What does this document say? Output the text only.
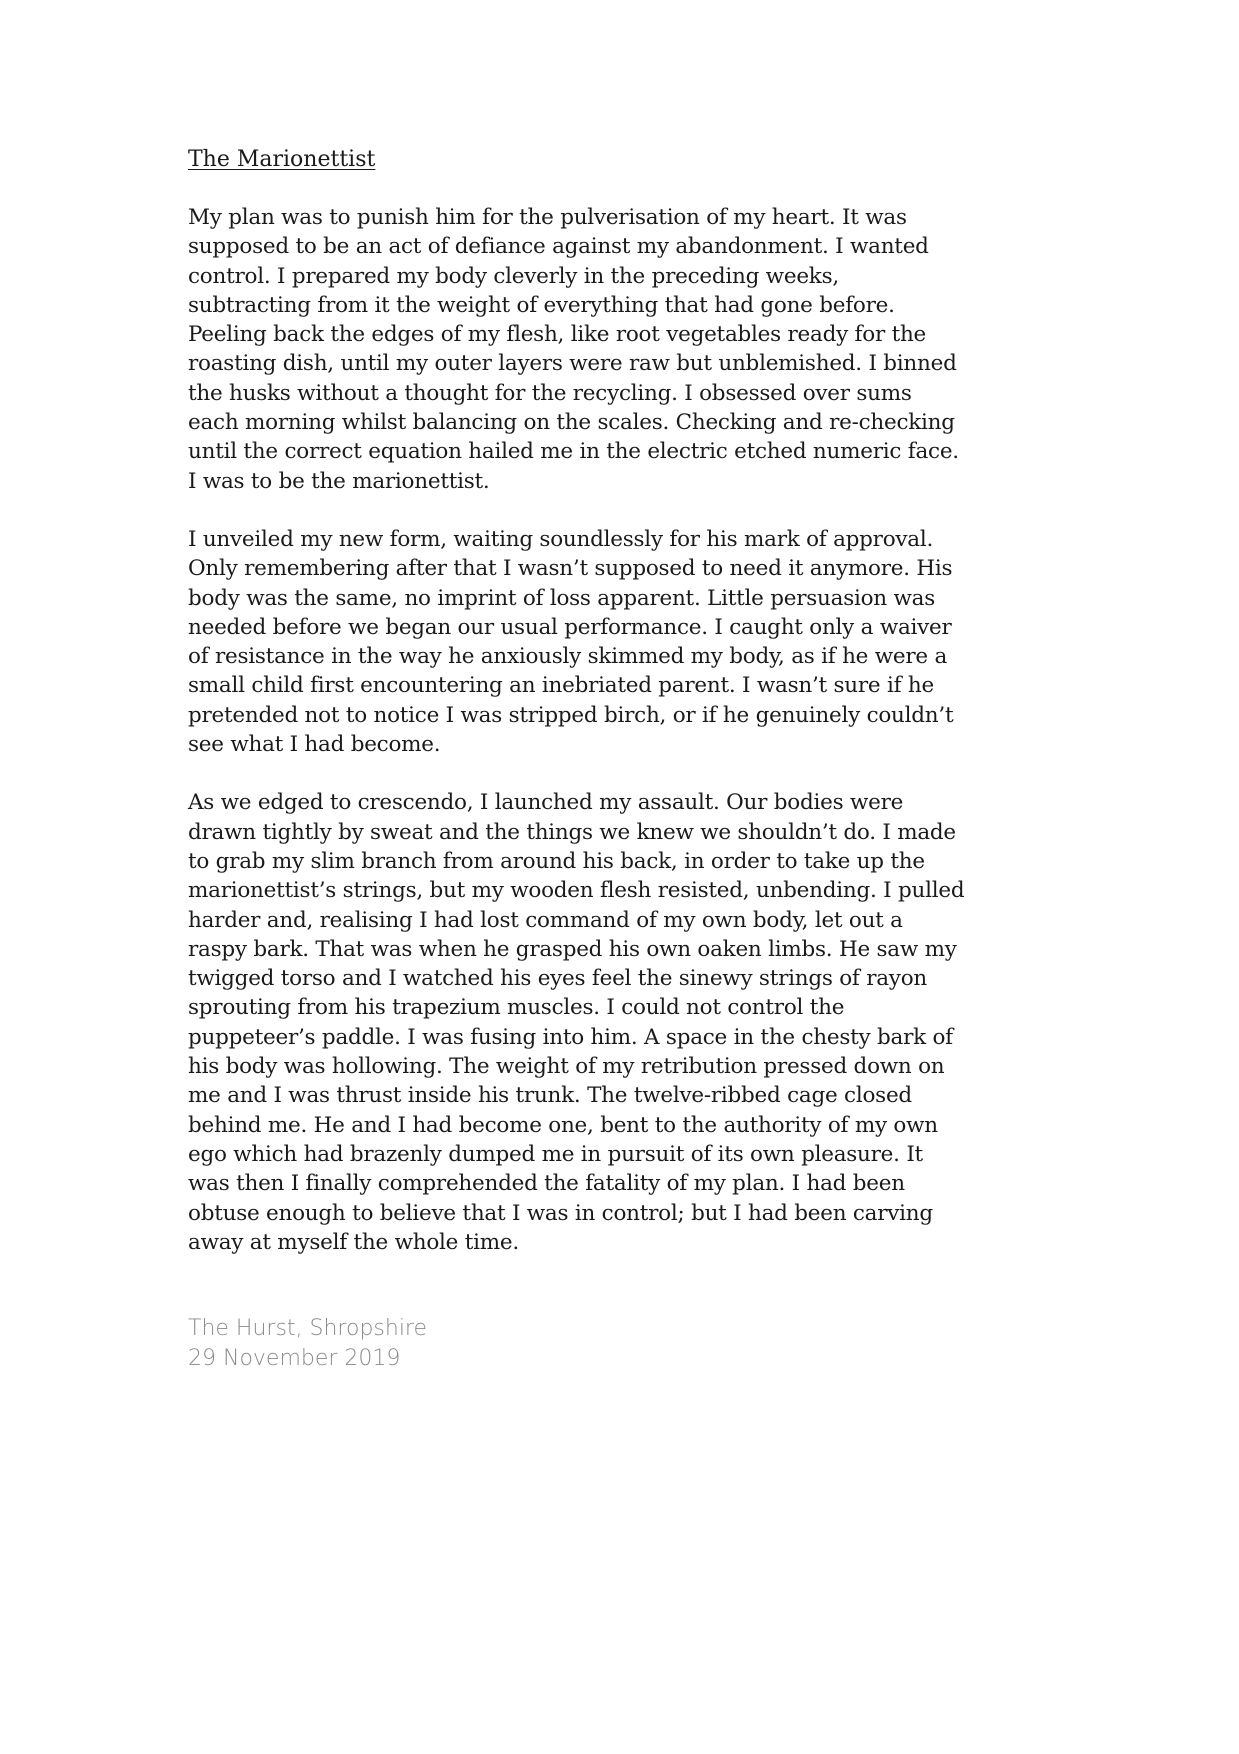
The Marionettist
My plan was to punish him for the pulverisation of my heart. It was
supposed to be an act of defiance against my abandonment. I wanted
control. I prepared my body cleverly in the preceding weeks,
subtracting from it the weight of everything that had gone before.
Peeling back the edges of my flesh, like root vegetables ready for the
roasting dish, until my outer layers were raw but unblemished. I binned
the husks without a thought for the recycling. I obsessed over sums
each morning whilst balancing on the scales. Checking and re-checking
until the correct equation hailed me in the electric etched numeric face.
I was to be the marionettist.
I unveiled my new form, waiting soundlessly for his mark of approval.
Only remembering after that I wasn’t supposed to need it anymore. His
body was the same, no imprint of loss apparent. Little persuasion was
needed before we began our usual performance. I caught only a waiver
of resistance in the way he anxiously skimmed my body, as if he were a
small child first encountering an inebriated parent. I wasn’t sure if he
pretended not to notice I was stripped birch, or if he genuinely couldn’t
see what I had become.
As we edged to crescendo, I launched my assault. Our bodies were
drawn tightly by sweat and the things we knew we shouldn’t do. I made
to grab my slim branch from around his back, in order to take up the
marionettist’s strings, but my wooden flesh resisted, unbending. I pulled
harder and, realising I had lost command of my own body, let out a
raspy bark. That was when he grasped his own oaken limbs. He saw my
twigged torso and I watched his eyes feel the sinewy strings of rayon
sprouting from his trapezium muscles. I could not control the
puppeteer’s paddle. I was fusing into him. A space in the chesty bark of
his body was hollowing. The weight of my retribution pressed down on
me and I was thrust inside his trunk. The twelve-ribbed cage closed
behind me. He and I had become one, bent to the authority of my own
ego which had brazenly dumped me in pursuit of its own pleasure. It
was then I finally comprehended the fatality of my plan. I had been
obtuse enough to believe that I was in control; but I had been carving
away at myself the whole time.
The Hurst, Shropshire
29 November 2019
